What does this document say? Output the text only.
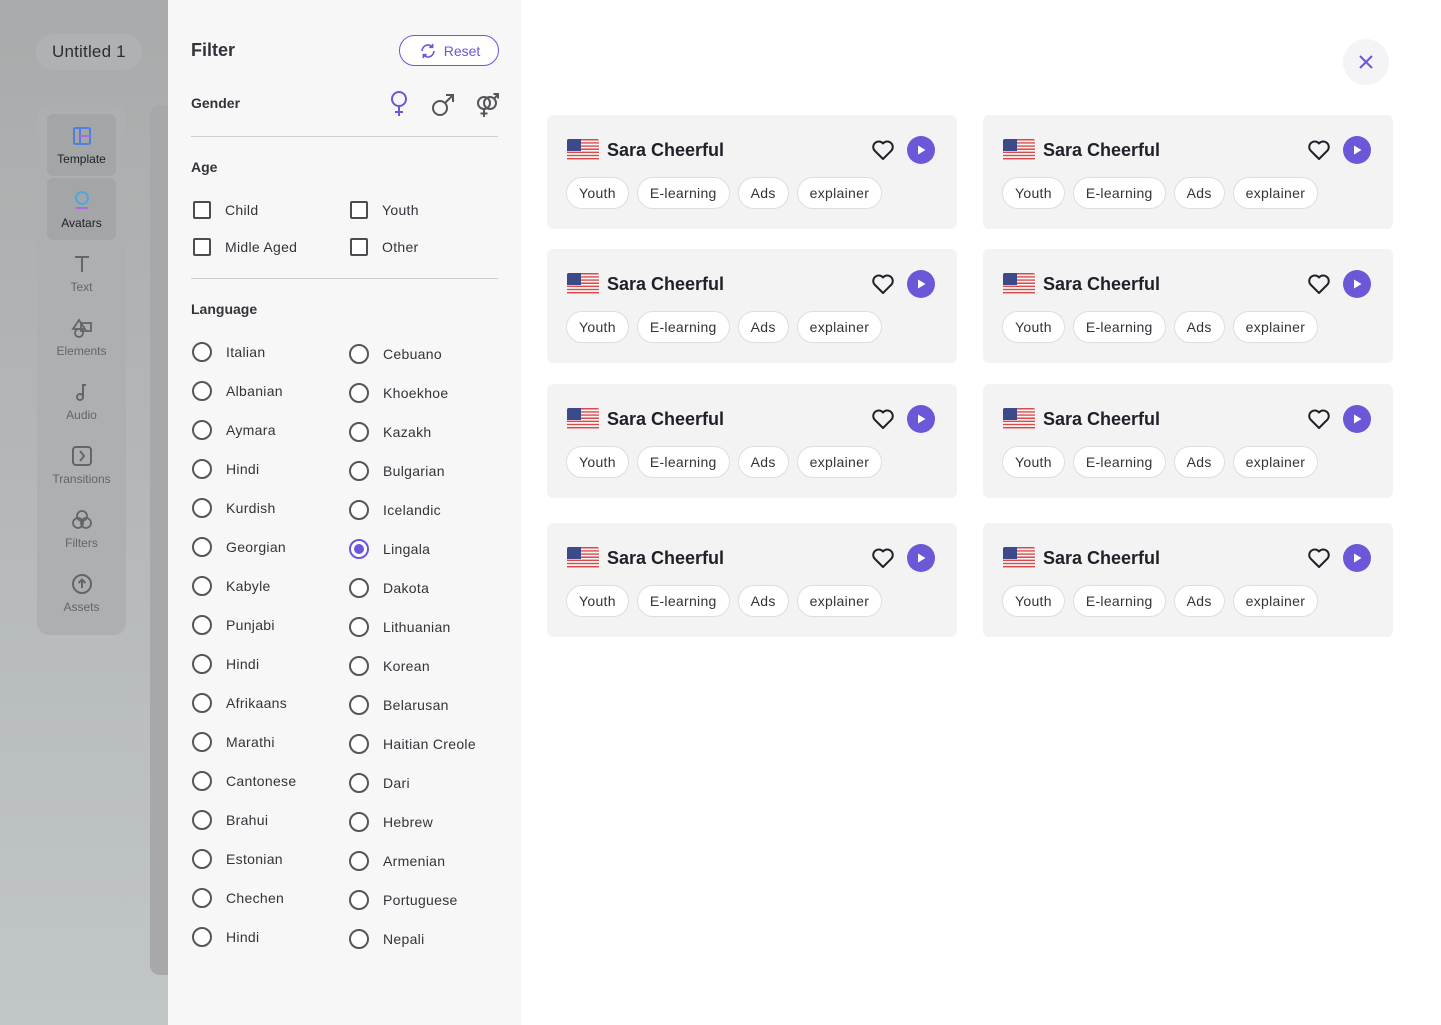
Untitled 1
Template
Avatars
Text
Elements
Audio
Transitions
Filters
Assets
Filter	Reset
Gender
Age
Child	Youth
Midle Aged	Other
Language
Italian
Albanian
Aymara
Hindi
Kurdish
Georgian
Kabyle
Punjabi
Hindi
Afrikaans
Marathi
Cantonese
Brahui
Estonian
Chechen
Hindi
Cebuano
Khoekhoe
Kazakh
Bulgarian
Icelandic
Lingala
Dakota
Lithuanian
Korean
Belarusan
Haitian Creole
Dari
Hebrew
Armenian
Portuguese
Nepali
Sara Cheerful
Youth	E-learning	Ads	explainer
Sara Cheerful
Youth	E-learning	Ads	explainer
Sara Cheerful
Youth	E-learning	Ads	explainer
Sara Cheerful
Youth	E-learning	Ads	explainer
Sara Cheerful
Youth	E-learning	Ads	explainer
Sara Cheerful
Youth	E-learning	Ads	explainer
Sara Cheerful
Youth	E-learning	Ads	explainer
Sara Cheerful
Youth	E-learning	Ads	explainer
